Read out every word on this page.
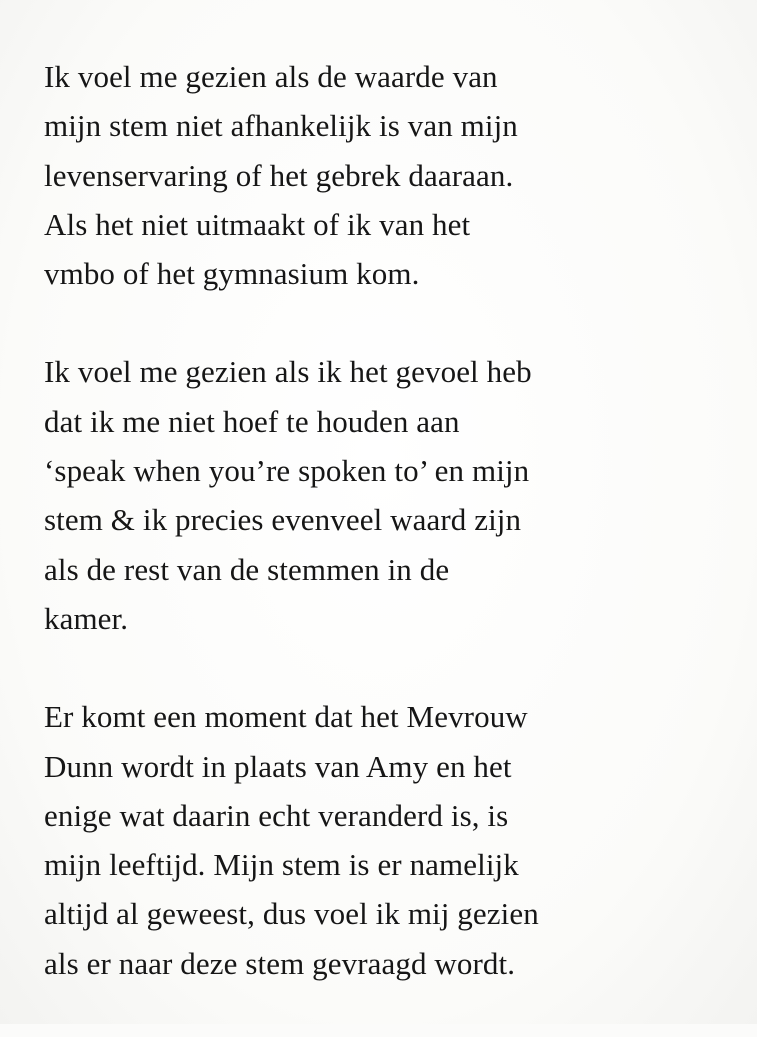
Ik voel me gezien als de waarde van
mijn stem niet afhankelijk is van mijn
levenservaring of het gebrek daaraan.
Als het niet uitmaakt of ik van het
vmbo of het gymnasium kom.

Ik voel me gezien als ik het gevoel heb
dat ik me niet hoef te houden aan
‘speak when you’re spoken to’ en mijn
stem & ik precies evenveel waard zijn
als de rest van de stemmen in de
kamer.

Er komt een moment dat het Mevrouw
Dunn wordt in plaats van Amy en het
enige wat daarin echt veranderd is, is
mijn leeftijd. Mijn stem is er namelijk
altijd al geweest, dus voel ik mij gezien
als er naar deze stem gevraagd wordt.
